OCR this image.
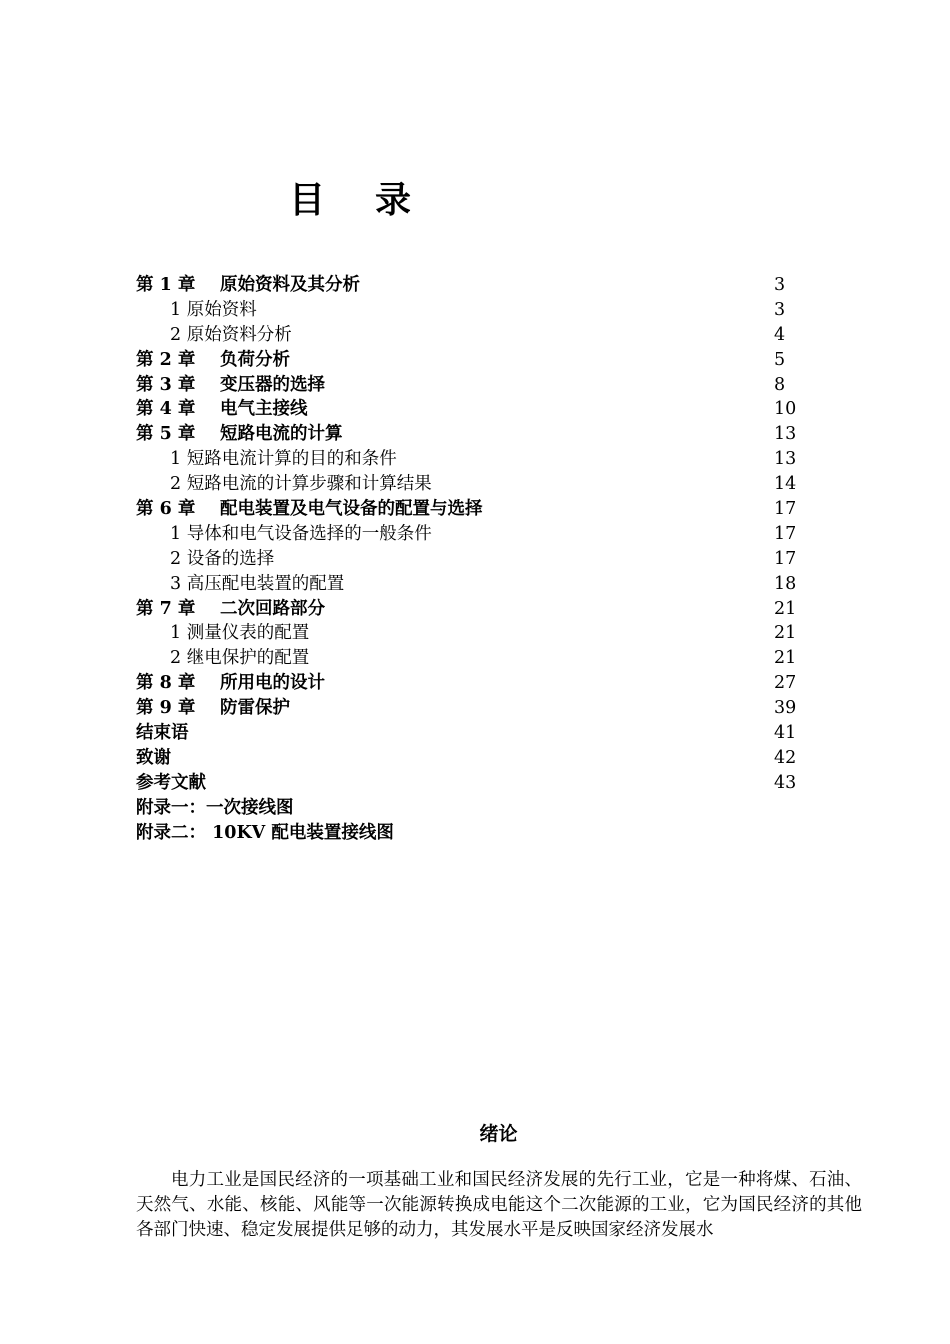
目 录
第 1 章 原始资料及其分析	3
1 原始资料	3
2 原始资料分析	4
第 2 章 负荷分析	5
第 3 章 变压器的选择	8
第 4 章 电气主接线	10
第 5 章 短路电流的计算	13
1 短路电流计算的目的和条件	13
2 短路电流的计算步骤和计算结果	14
第 6 章 配电装置及电气设备的配置与选择	17
1 导体和电气设备选择的一般条件	17
2 设备的选择	17
3 高压配电装置的配置	18
第 7 章 二次回路部分	21
1 测量仪表的配置	21
2 继电保护的配置	21
第 8 章 所用电的设计	27
第 9 章 防雷保护	39
结束语	41
致谢	42
参考文献	43
附录一：一次接线图
附录二： 10KV 配电装置接线图
绪论

电力工业是国民经济的一项基础工业和国民经济发展的先行工业，它是一种将煤、石油、天然气、水能、核能、风能等一次能源转换成电能这个二次能源的工业，它为国民经济的其他各部门快速、稳定发展提供足够的动力，其发展水平是反映国家经济发展水
